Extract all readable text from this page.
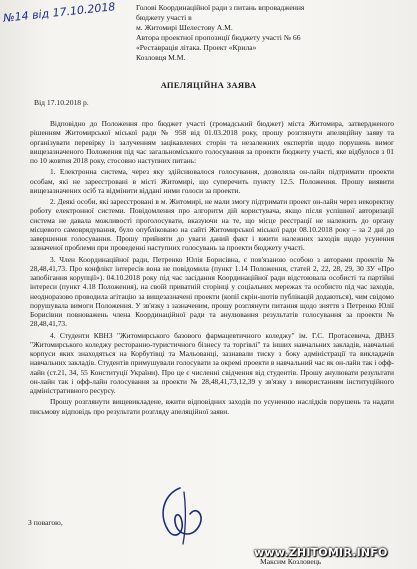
№14 від 17.10.2018	Голові Координаційної ради з питань впровадження
бюджету участі в
м. Житомирі Шелестову А.М.
Автора проектної пропозиції бюджету участі № 66
«Реставрація літака. Проект «Крила»
Козловця М.М.
АПЕЛЯЦІЙНА ЗАЯВА
Від 17.10.2018 р.

Відповідно до Положення про бюджет участі (громадський бюджет) міста Житомира, затвердженого рішенням Житомирської міської ради № 958 від 01.03.2018 року, прошу розглянути апеляційну заяву та організувати перевірку із залученням зацікавлених сторін та незалежних експертів щодо порушень вимог вищезазначеного Положення під час загальноміського голосування за проекти бюджету участі, яке відбулося з 01 по 10 жовтня 2018 року, стосовно наступних питань:

1. Електронна система, через яку здійснювалося голосування, дозволяла он-лайн підтримати проекти особам, які не зареєстровані в місті Житомирі, що суперечить пункту 12.5. Положення. Прошу виявити вищезазначених осіб та відмінити віддані ними голоси за проекти.

2. Деякі особи, які зареєстровані в м. Житомирі, не мали змогу підтримати проект он-лайн через некоректну роботу електронної системи. Повідомлення про алгоритм дій користувача, якщо після успішної авторизації система не давала можливості проголосувати, вказуючи на те, що місце реєстрації не належить до органу місцевого самоврядування, було опубліковано на сайті Житомирської міської ради 08.10.2018 року – за 2 дні до завершення голосування. Прошу прийняти до уваги даний факт і вжити належних заходів щодо усунення зазначеної проблеми при проведенні наступних голосувань за проекти бюджету участі.

3. Член Координаційної ради, Петренко Юлія Борисівна, є пов'язаною особою з авторами проектів № 28,48,41,73. Про конфлікт інтересів вона не повідомила (пункт 1.14 Положення, статей 2, 22, 28, 29, 30 ЗУ «Про запобігання корупції»). 04.10.2018 року під час засідання Координаційної ради відстоювала особисті та партійні інтереси (пункт 4.18 Положення), на своїй приватній сторінці у соціальних мережах та особисто під час заходів, неодноразово проводила агітацію за вищезазначені проекти (копії скрін-шотів публікацій додаються), чим свідомо порушувала вимоги Положення. У зв'язку з зазначеним, прошу розглянути питання щодо зняття з Петренко Юлії Борисівни повноважень члена Координаційної ради та анулювання результатів голосування за проекти № 28,48,41,73.

4. Студенти КВНЗ "Житомирського базового фармацевтичного коледжу" ім. Г.С. Протасевича, ДВНЗ "Житомирського коледжу ресторанно-туристичного бізнесу та торгівлі" та інших навчальних закладів, навчальні корпуси яких знаходяться на Корбутівці та Мальованці, зазнавали тиску з боку адміністрації та викладачів навчальних закладів. Студентів примушували голосувати за окремі проекти в навчальний час як он-лайн так і офф-лайн (ст.21, 34, 55 Конституції України). Про це є численні свідчення від студентів. Прошу анулювати результати он-лайн так і офф-лайн голосування за проекти № 28,48,41,73,12,39 у зв'язку з використанням інституційного адміністративного ресурсу.

Прошу розглянути вищевикладене, вжити відповідних заходів по усуненню наслідків порушень та надати письмову відповідь про результати розгляду апеляційної заяви.

З повагою,
Максим Козловець
www.ZHITOMIR.INFO
